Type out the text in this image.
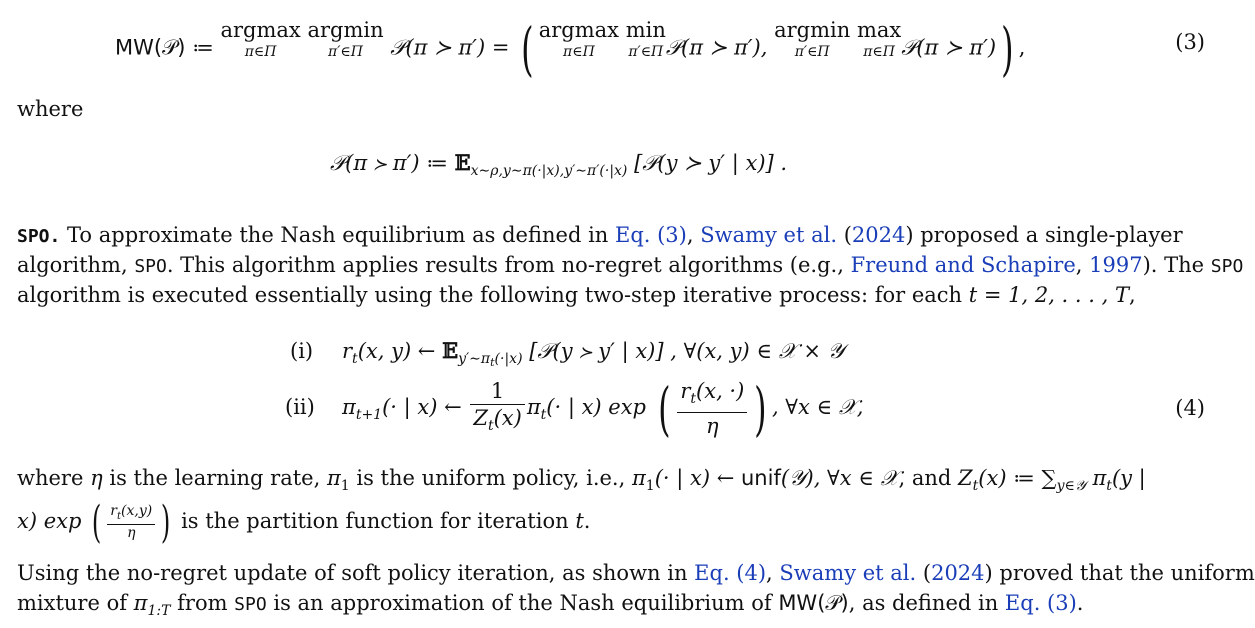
MW(𝒫) ≔
argmax
π∈Π

argmin
π′∈Π	𝒫(π ≻ π′) = ( argmax
π∈Π

min
π′∈Π 𝒫(π ≻ π′),
argmin
π′∈Π

max
π∈Π 𝒫(π ≻ π′)) ,	(3)
where
𝒫(π ≻ π′) ≔ 𝔼$_{x\sim\rho,y\sim\pi(\cdot|x),y'\sim\pi'(\cdot|x)}$ [𝒫(y ≻ y′ | x)] .
SPO. To approximate the Nash equilibrium as defined in Eq. (3), Swamy et al. (2024) proposed a single-player
algorithm, SPO. This algorithm applies results from no-regret algorithms (e.g., Freund and Schapire, 1997). The SPO
algorithm is executed essentially using the following two-step iterative process: for each t = 1, 2, . . . , T,
(i) $r_t(x$, y) ← 𝔼$_{y'\sim\pi_t(\cdot|x)}$ [𝒫(y ≻ y′ | x)] , ∀(x, y) ∈ 𝒳 × 𝒴
(ii) $\pi_{t+1}(\cdot$ | x) ← $\frac{1}{Z_t(x)} \pi_t(\cdot$ | x) exp ( $\frac{r_t(x, \cdot)}{\eta}$ ) , ∀x ∈ 𝒳,	(4)
where η is the learning rate, $\pi_1$ is the uniform policy, i.e., $\pi_1(\cdot$ | x) ← unif(𝒴), ∀x ∈ 𝒳, and $Z_t(x)$ ≔ $\sum_{y\in 𝒴}$ $\pi_t(y$ |
x) exp ( $\frac{r_t(x,y)}{\eta}$ ) is the partition function for iteration t.
Using the no-regret update of soft policy iteration, as shown in Eq. (4), Swamy et al. (2024) proved that the uniform
mixture of $\pi_{1:T}$ from SPO is an approximation of the Nash equilibrium of MW(𝒫), as defined in Eq. (3).
